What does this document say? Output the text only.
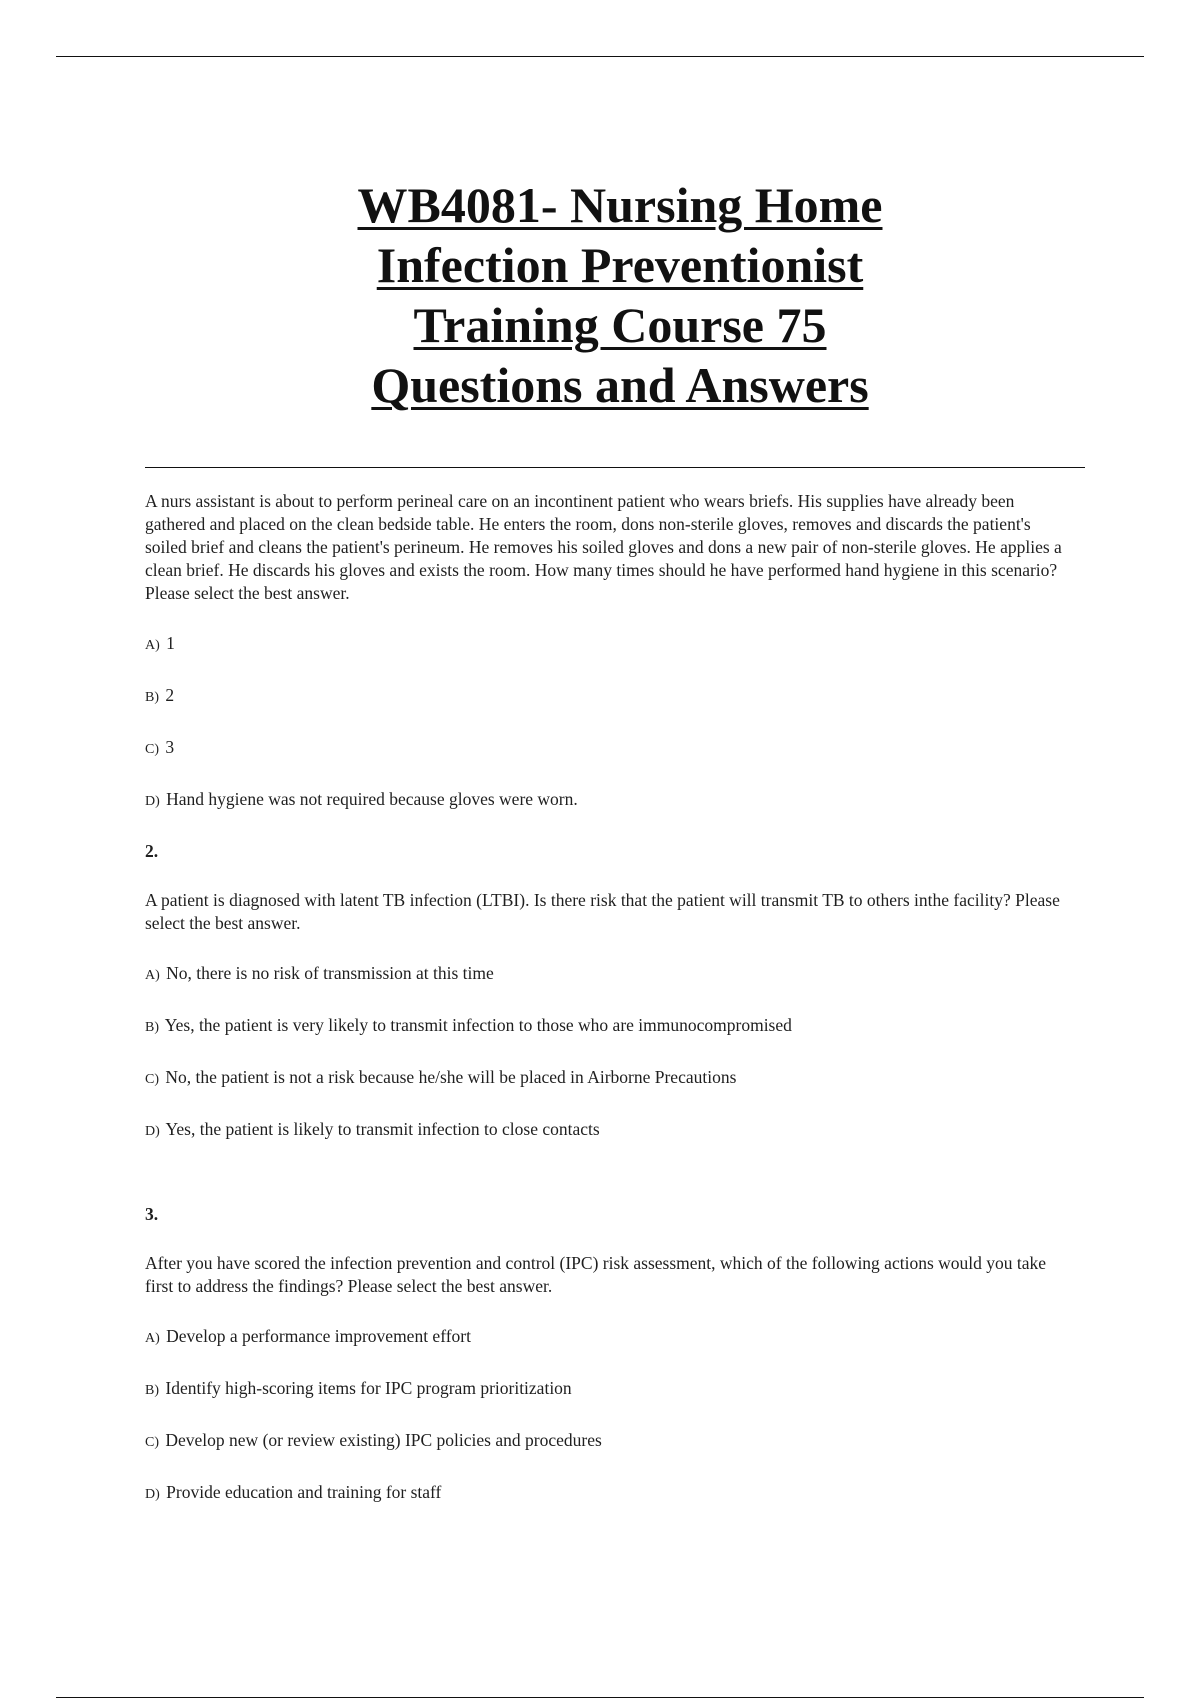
WB4081- Nursing Home
Infection Preventionist
Training Course 75
Questions and Answers

A nurs assistant is about to perform perineal care on an incontinent patient who wears briefs. His supplies have already been gathered and placed on the clean bedside table. He enters the room, dons non-sterile gloves, removes and discards the patient's soiled brief and cleans the patient's perineum. He removes his soiled gloves and dons a new pair of non-sterile gloves. He applies a clean brief. He discards his gloves and exists the room. How many times should he have performed hand hygiene in this scenario? Please select the best answer.

A) 1

B) 2

C) 3

D) Hand hygiene was not required because gloves were worn.

2.

A patient is diagnosed with latent TB infection (LTBI). Is there risk that the patient will transmit TB to others inthe facility? Please select the best answer.

A) No, there is no risk of transmission at this time

B) Yes, the patient is very likely to transmit infection to those who are immunocompromised

C) No, the patient is not a risk because he/she will be placed in Airborne Precautions

D) Yes, the patient is likely to transmit infection to close contacts

3.

After you have scored the infection prevention and control (IPC) risk assessment, which of the following actions would you take first to address the findings? Please select the best answer.

A) Develop a performance improvement effort

B) Identify high-scoring items for IPC program prioritization

C) Develop new (or review existing) IPC policies and procedures

D) Provide education and training for staff
